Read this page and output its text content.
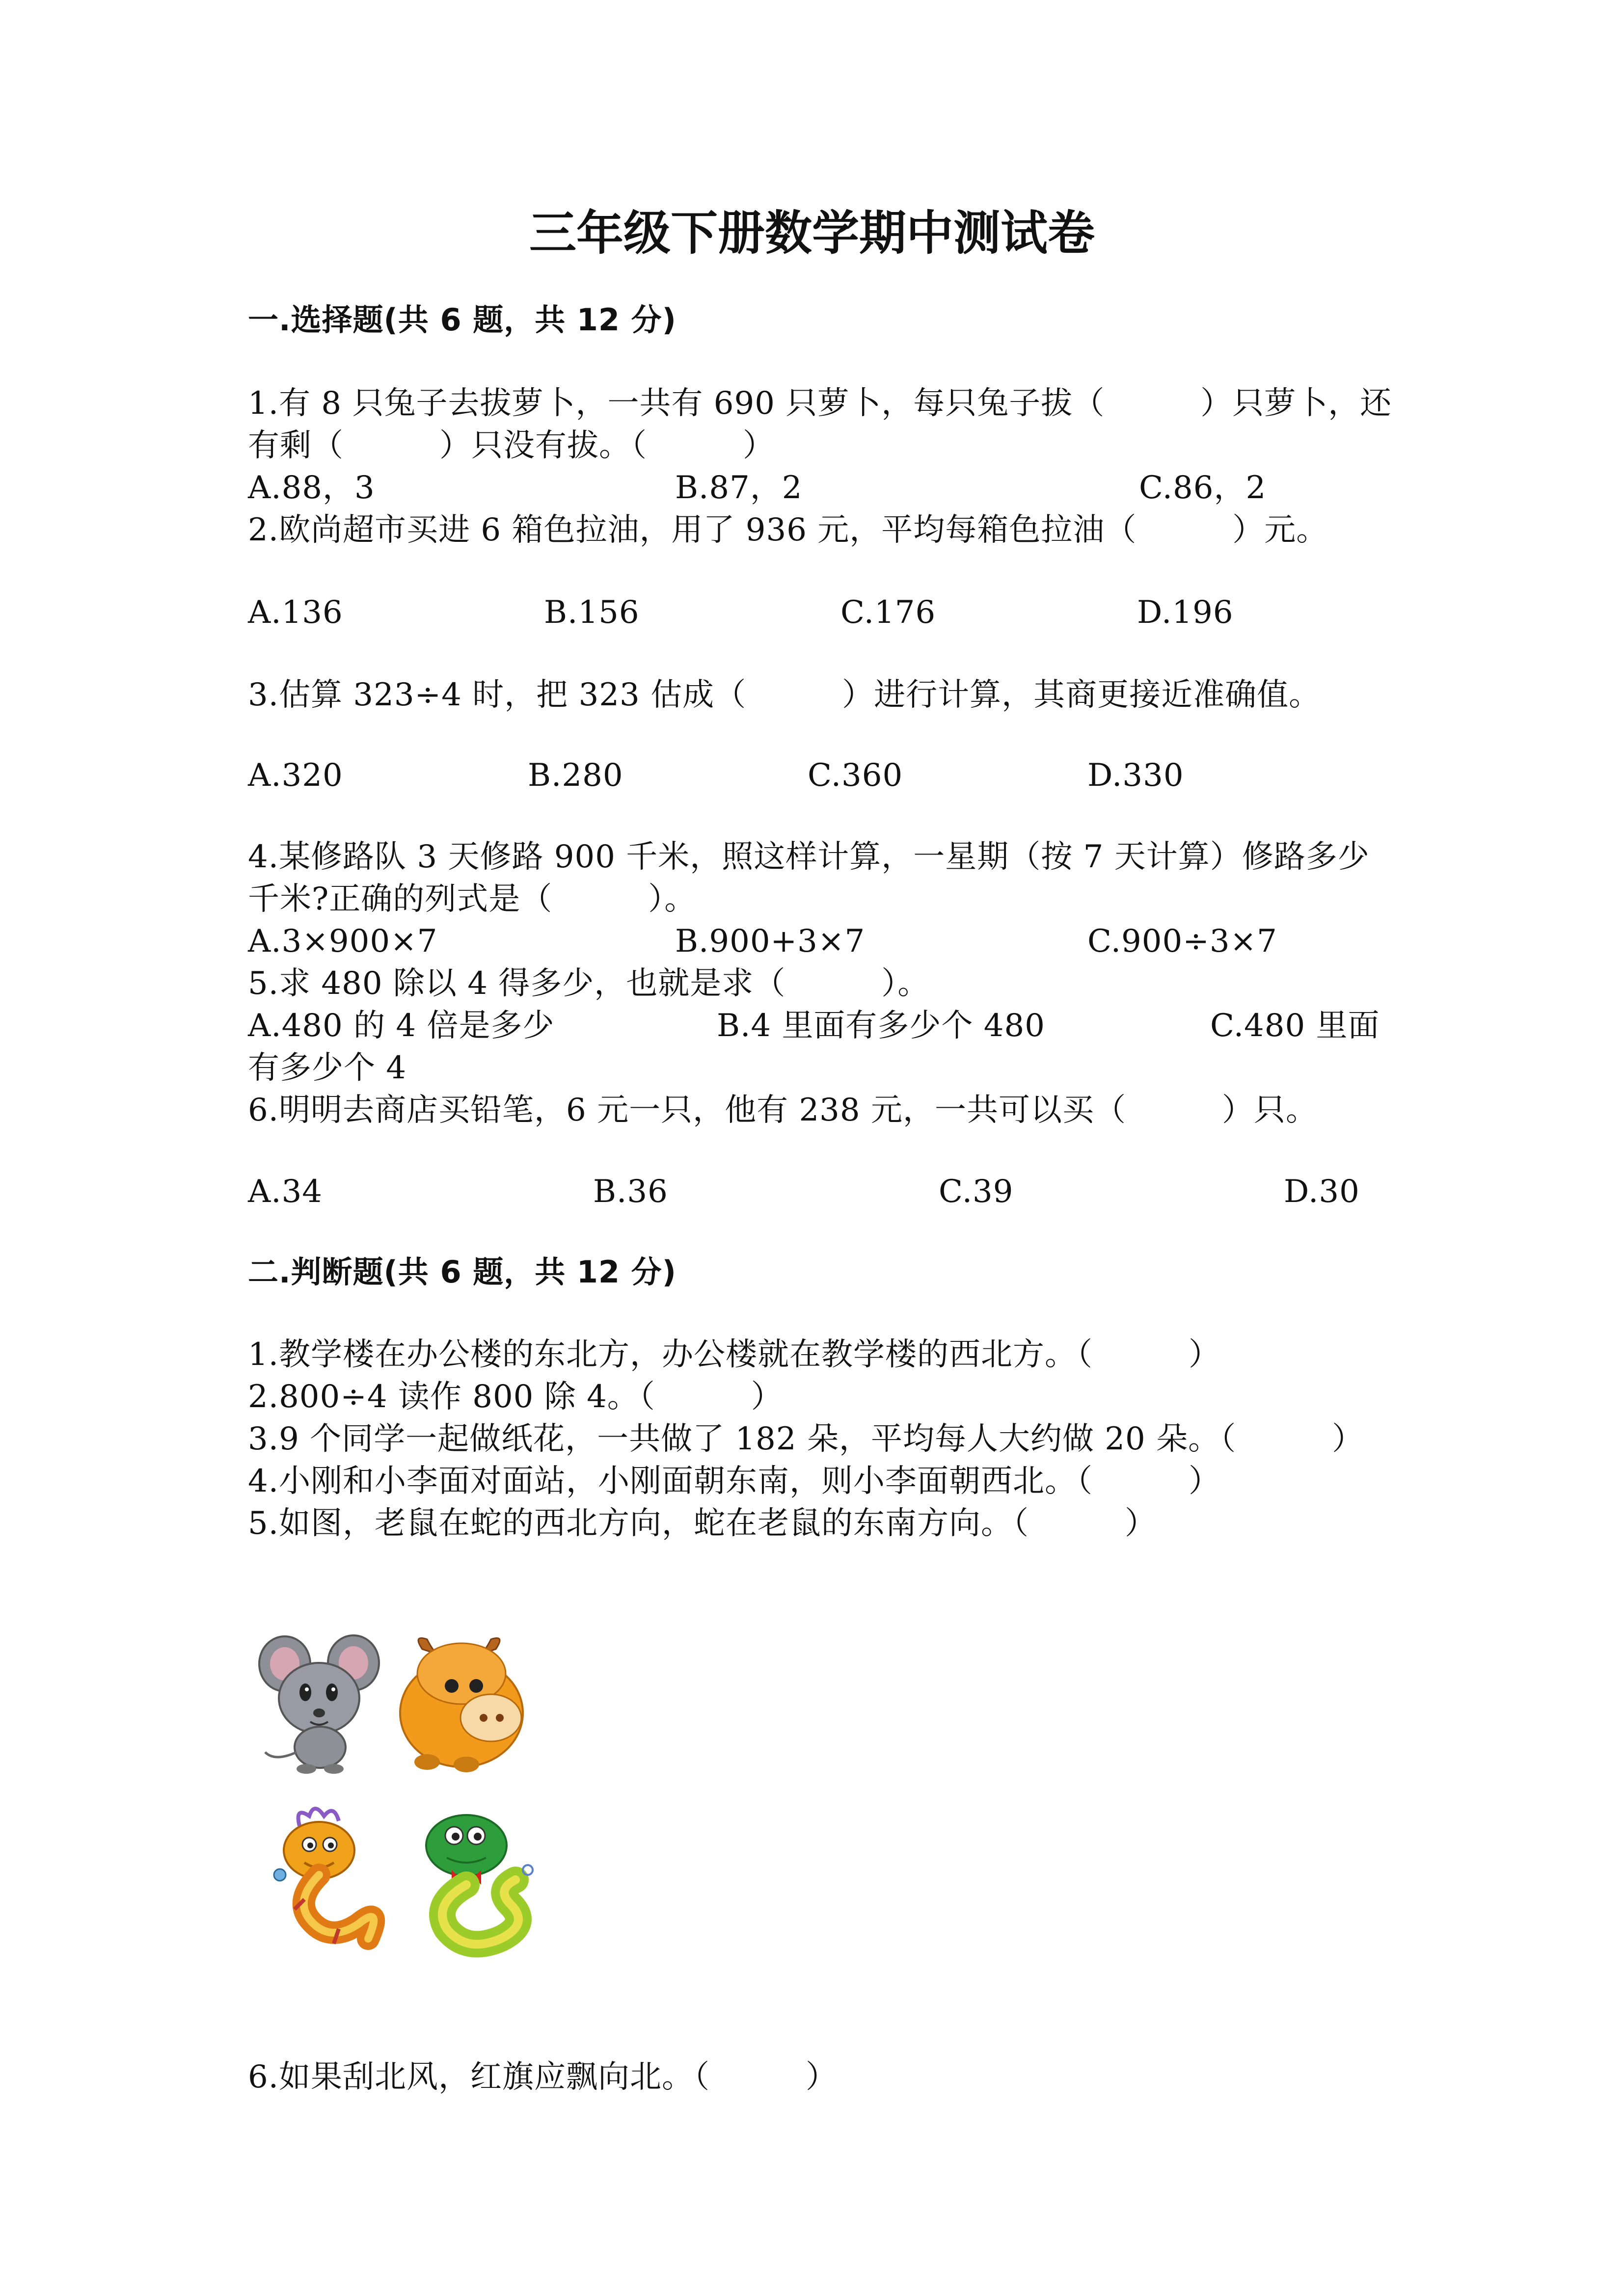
三年级下册数学期中测试卷
一.选择题(共 6 题，共 12 分)
1.有 8 只兔子去拔萝卜，一共有 690 只萝卜，每只兔子拔（　　　）只萝卜，还
有剩（　　　）只没有拔。（　　　）
A.88，3	B.87，2	C.86，2
2.欧尚超市买进 6 箱色拉油，用了 936 元，平均每箱色拉油（　　　）元。
A.136	B.156	C.176	D.196
3.估算 323÷4 时，把 323 估成（　　　）进行计算，其商更接近准确值。
A.320	B.280	C.360	D.330
4.某修路队 3 天修路 900 千米，照这样计算，一星期（按 7 天计算）修路多少
千米?正确的列式是（　　　）。
A.3×900×7	B.900+3×7	C.900÷3×7
5.求 480 除以 4 得多少，也就是求（　　　）。
A.480 的 4 倍是多少	B.4 里面有多少个 480	C.480 里面
有多少个 4
6.明明去商店买铅笔，6 元一只，他有 238 元，一共可以买（　　　）只。
A.34	B.36	C.39	D.30
二.判断题(共 6 题，共 12 分)
1.教学楼在办公楼的东北方，办公楼就在教学楼的西北方。（　　　）
2.800÷4 读作 800 除 4。（　　　）
3.9 个同学一起做纸花，一共做了 182 朵，平均每人大约做 20 朵。（　　　）
4.小刚和小李面对面站，小刚面朝东南，则小李面朝西北。（　　　）
5.如图，老鼠在蛇的西北方向，蛇在老鼠的东南方向。（　　　）
6.如果刮北风，红旗应飘向北。（　　　）
